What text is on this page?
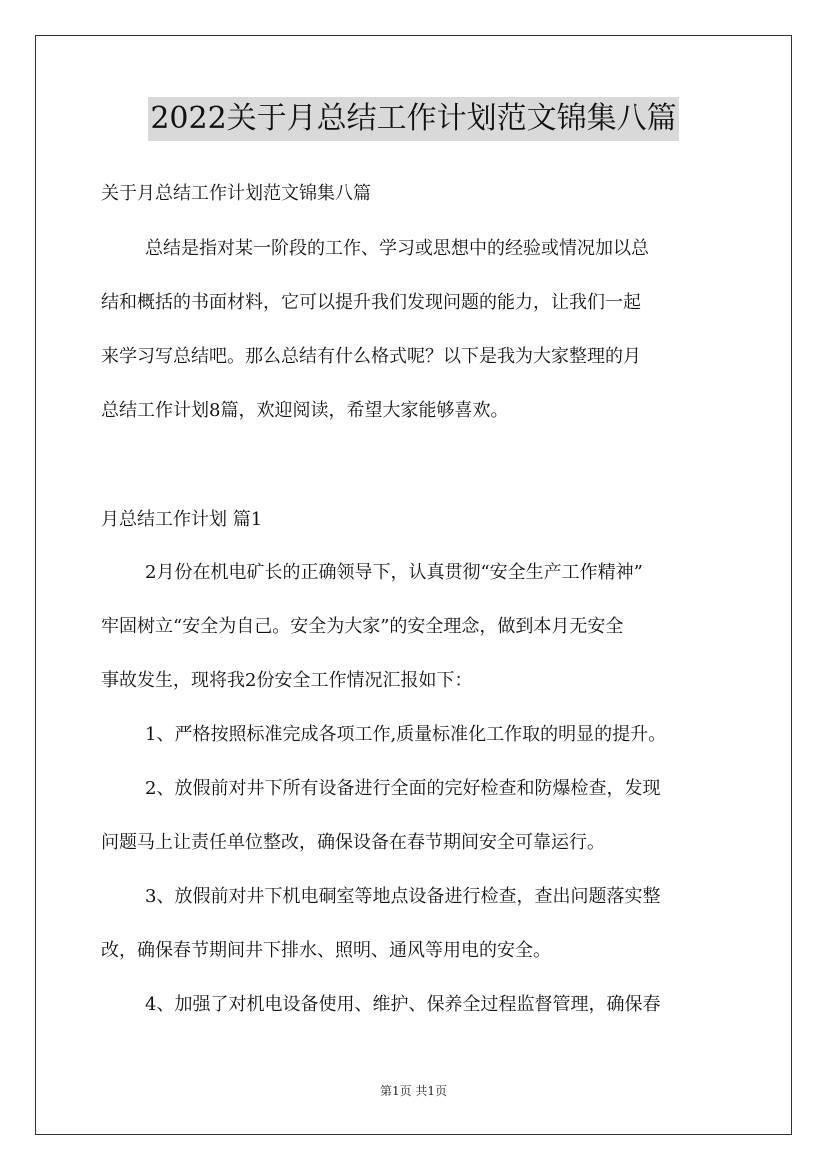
2022关于月总结工作计划范文锦集八篇
关于月总结工作计划范文锦集八篇
总结是指对某一阶段的工作、学习或思想中的经验或情况加以总
结和概括的书面材料，它可以提升我们发现问题的能力，让我们一起
来学习写总结吧。那么总结有什么格式呢？以下是我为大家整理的月
总结工作计划8篇，欢迎阅读，希望大家能够喜欢。
月总结工作计划 篇1
2月份在机电矿长的正确领导下，认真贯彻“安全生产工作精神”
牢固树立“安全为自己。安全为大家”的安全理念，做到本月无安全
事故发生，现将我2份安全工作情况汇报如下：
1、严格按照标准完成各项工作,质量标准化工作取的明显的提升。
2、放假前对井下所有设备进行全面的完好检查和防爆检查，发现
问题马上让责任单位整改，确保设备在春节期间安全可靠运行。
3、放假前对井下机电硐室等地点设备进行检查，查出问题落实整
改，确保春节期间井下排水、照明、通风等用电的安全。
4、加强了对机电设备使用、维护、保养全过程监督管理，确保春
第1页 共1页
